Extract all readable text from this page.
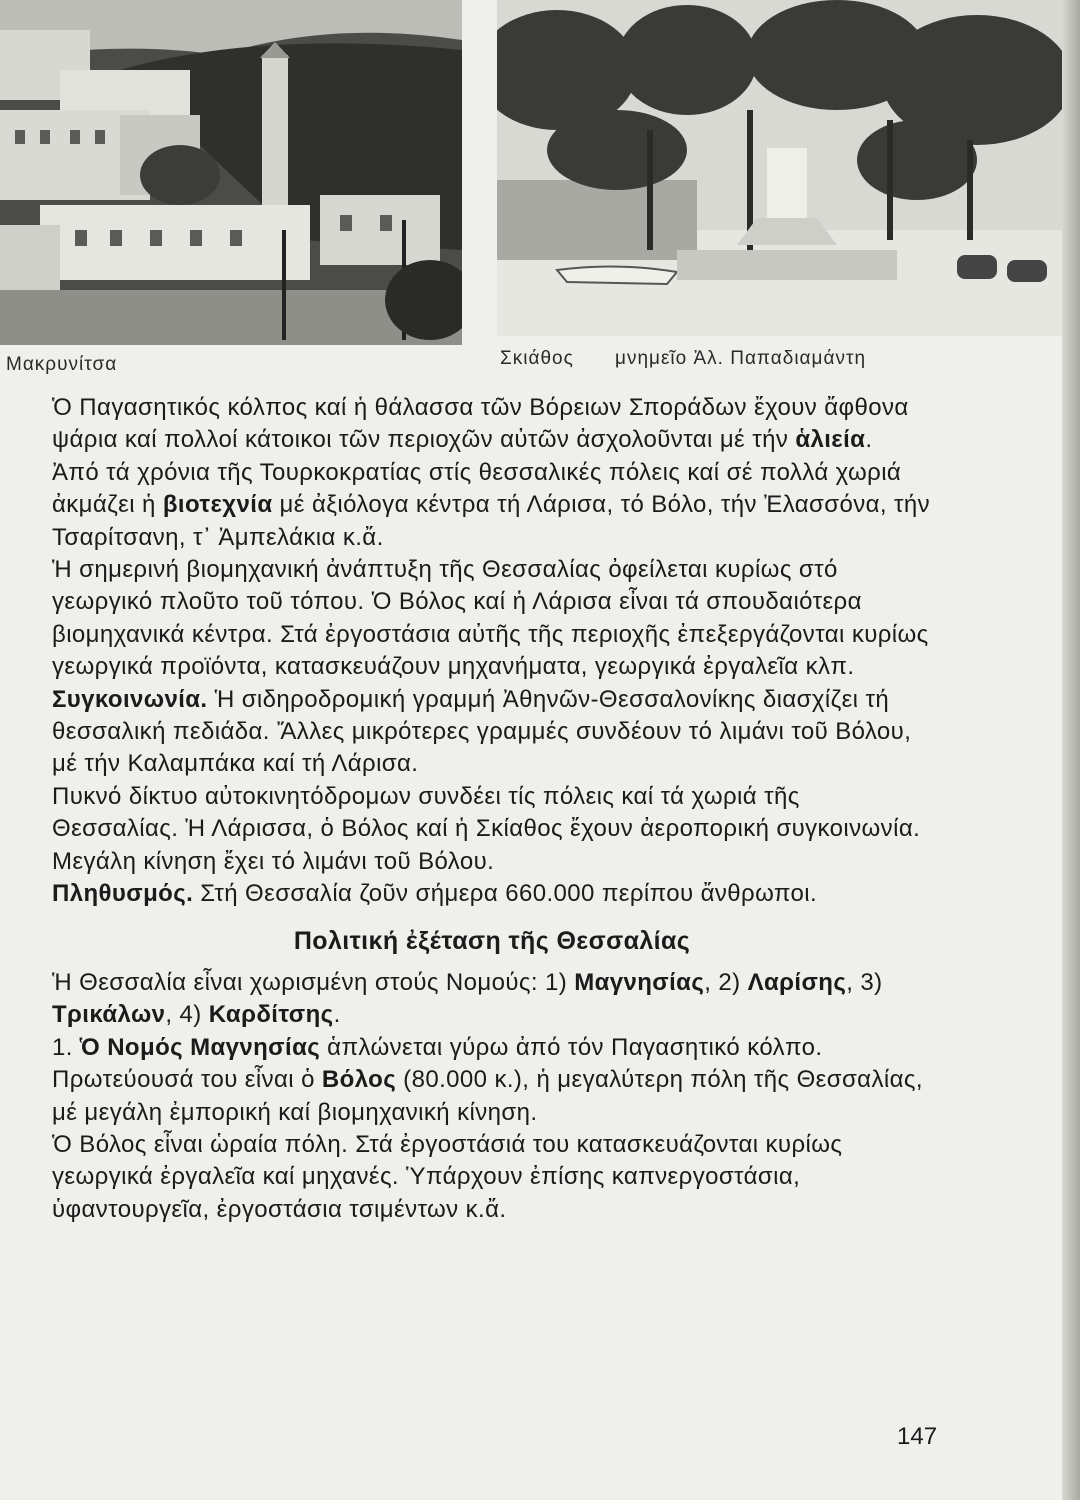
Μακρυνίτσα	Σκιάθος μνημεῖο Ἀλ. Παπαδιαμάντη

Ὁ Παγασητικός κόλπος καί ἡ θάλασσα τῶν Βόρειων Σποράδων ἔχουν ἄφθονα ψάρια καί πολλοί κάτοικοι τῶν περιοχῶν αὐτῶν ἀσχολοῦνται μέ τήν ἁλιεία.

Ἀπό τά χρόνια τῆς Τουρκοκρατίας στίς θεσσαλικές πόλεις καί σέ πολλά χωριά ἀκμάζει ἡ βιοτεχνία μέ ἀξιόλογα κέντρα τή Λάρισα, τό Βόλο, τήν Ἐλασσόνα, τήν Τσαρίτσανη, τ᾽ Ἀμπελάκια κ.ἄ.

Ἡ σημερινή βιομηχανική ἀνάπτυξη τῆς Θεσσαλίας ὀφείλεται κυρίως στό γεωργικό πλοῦτο τοῦ τόπου. Ὁ Βόλος καί ἡ Λάρισα εἶναι τά σπουδαιότερα βιομηχανικά κέντρα. Στά ἐργοστάσια αὐτῆς τῆς περιοχῆς ἐπεξεργάζονται κυρίως γεωργικά προϊόντα, κατασκευάζουν μηχανήματα, γεωργικά ἐργαλεῖα κλπ.

Συγκοινωνία. Ἡ σιδηροδρομική γραμμή Ἀθηνῶν-Θεσσαλονίκης διασχίζει τή θεσσαλική πεδιάδα. Ἄλλες μικρότερες γραμμές συνδέουν τό λιμάνι τοῦ Βόλου, μέ τήν Καλαμπάκα καί τή Λάρισα.

Πυκνό δίκτυο αὐτοκινητόδρομων συνδέει τίς πόλεις καί τά χωριά τῆς Θεσσαλίας. Ἡ Λάρισσα, ὁ Βόλος καί ἡ Σκίαθος ἔχουν ἀεροπορική συγκοινωνία. Μεγάλη κίνηση ἔχει τό λιμάνι τοῦ Βόλου.

Πληθυσμός. Στή Θεσσαλία ζοῦν σήμερα 660.000 περίπου ἄνθρωποι.

Πολιτική ἐξέταση τῆς Θεσσαλίας

Ἡ Θεσσαλία εἶναι χωρισμένη στούς Νομούς: 1) Μαγνησίας, 2) Λαρίσης, 3) Τρικάλων, 4) Καρδίτσης.

1. Ὁ Νομός Μαγνησίας ἁπλώνεται γύρω ἀπό τόν Παγασητικό κόλπο. Πρωτεύουσά του εἶναι ὁ Βόλος (80.000 κ.), ἡ μεγαλύτερη πόλη τῆς Θεσσαλίας, μέ μεγάλη ἐμπορική καί βιομηχανική κίνηση.

Ὁ Βόλος εἶναι ὡραία πόλη. Στά ἐργοστάσιά του κατασκευάζονται κυρίως γεωργικά ἐργαλεῖα καί μηχανές. Ὑπάρχουν ἐπίσης καπνεργοστάσια, ὑφαντουργεῖα, ἐργοστάσια τσιμέντων κ.ἄ.

147
